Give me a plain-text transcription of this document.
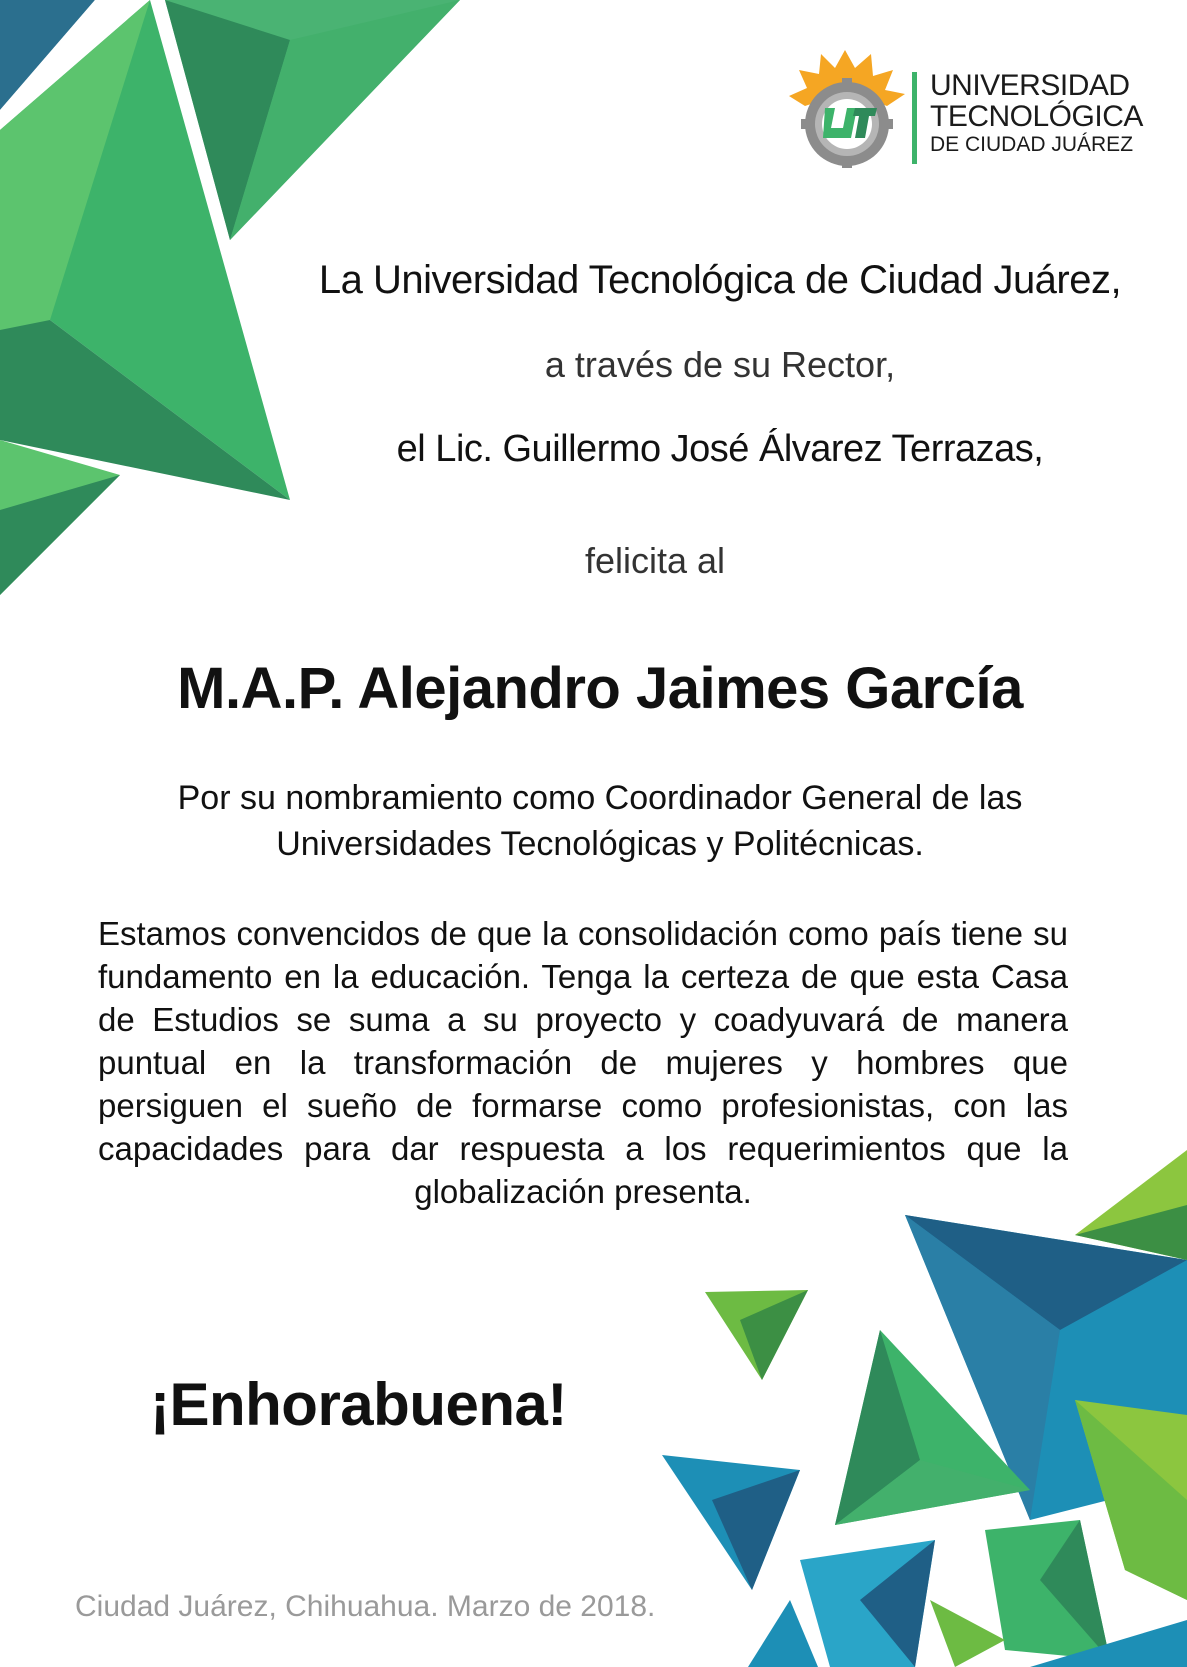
UNIVERSIDAD
TECNOLÓGICA
DE CIUDAD JUÁREZ
La Universidad Tecnológica de Ciudad Juárez,
a través de su Rector,
el Lic. Guillermo José Álvarez Terrazas,
felicita al
M.A.P. Alejandro Jaimes García
Por su nombramiento como Coordinador General de las
Universidades Tecnológicas y Politécnicas.
Estamos convencidos de que la consolidación como país tiene su fundamento en la educación. Tenga la certeza de que esta Casa de Estudios se suma a su proyecto y coadyuvará de manera puntual en la transformación de mujeres y hombres que persiguen el sueño de formarse como profesionistas, con las capacidades para dar respuesta a los requerimientos que la globalización presenta.
¡Enhorabuena!
Ciudad Juárez, Chihuahua. Marzo de 2018.
